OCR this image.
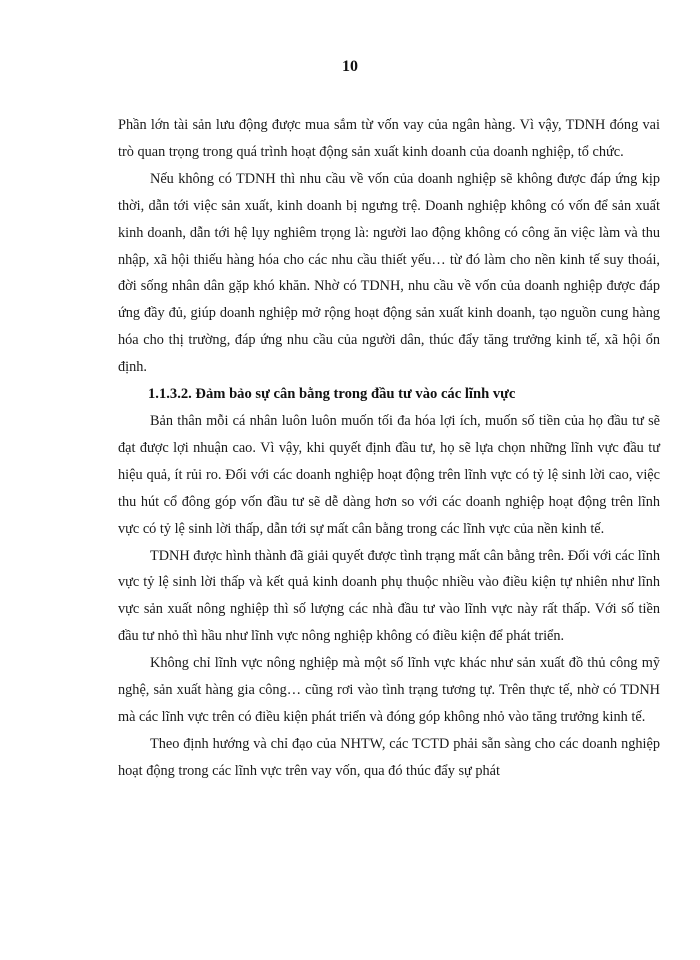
10

Phần lớn tài sản lưu động được mua sắm từ vốn vay của ngân hàng. Vì vậy, TDNH đóng vai trò quan trọng trong quá trình hoạt động sản xuất kinh doanh của doanh nghiệp, tổ chức.

Nếu không có TDNH thì nhu cầu về vốn của doanh nghiệp sẽ không được đáp ứng kịp thời, dẫn tới việc sản xuất, kinh doanh bị ngưng trệ. Doanh nghiệp không có vốn để sản xuất kinh doanh, dẫn tới hệ lụy nghiêm trọng là: người lao động không có công ăn việc làm và thu nhập, xã hội thiếu hàng hóa cho các nhu cầu thiết yếu… từ đó làm cho nền kinh tế suy thoái, đời sống nhân dân gặp khó khăn. Nhờ có TDNH, nhu cầu về vốn của doanh nghiệp được đáp ứng đầy đủ, giúp doanh nghiệp mở rộng hoạt động sản xuất kinh doanh, tạo nguồn cung hàng hóa cho thị trường, đáp ứng nhu cầu của người dân, thúc đẩy tăng trưởng kinh tế, xã hội ổn định.

1.1.3.2. Đảm bảo sự cân bằng trong đầu tư vào các lĩnh vực

Bản thân mỗi cá nhân luôn luôn muốn tối đa hóa lợi ích, muốn số tiền của họ đầu tư sẽ đạt được lợi nhuận cao. Vì vậy, khi quyết định đầu tư, họ sẽ lựa chọn những lĩnh vực đầu tư hiệu quả, ít rủi ro. Đối với các doanh nghiệp hoạt động trên lĩnh vực có tỷ lệ sinh lời cao, việc thu hút cổ đông góp vốn đầu tư sẽ dễ dàng hơn so với các doanh nghiệp hoạt động trên lĩnh vực có tỷ lệ sinh lời thấp, dẫn tới sự mất cân bằng trong các lĩnh vực của nền kinh tế.

TDNH được hình thành đã giải quyết được tình trạng mất cân bằng trên. Đối với các lĩnh vực tỷ lệ sinh lời thấp và kết quả kinh doanh phụ thuộc nhiều vào điều kiện tự nhiên như lĩnh vực sản xuất nông nghiệp thì số lượng các nhà đầu tư vào lĩnh vực này rất thấp. Với số tiền đầu tư nhỏ thì hầu như lĩnh vực nông nghiệp không có điều kiện để phát triển.

Không chỉ lĩnh vực nông nghiệp mà một số lĩnh vực khác như sản xuất đồ thủ công mỹ nghệ, sản xuất hàng gia công… cũng rơi vào tình trạng tương tự. Trên thực tế, nhờ có TDNH mà các lĩnh vực trên có điều kiện phát triển và đóng góp không nhỏ vào tăng trưởng kinh tế.

Theo định hướng và chỉ đạo của NHTW, các TCTD phải sẵn sàng cho các doanh nghiệp hoạt động trong các lĩnh vực trên vay vốn, qua đó thúc đẩy sự phát
